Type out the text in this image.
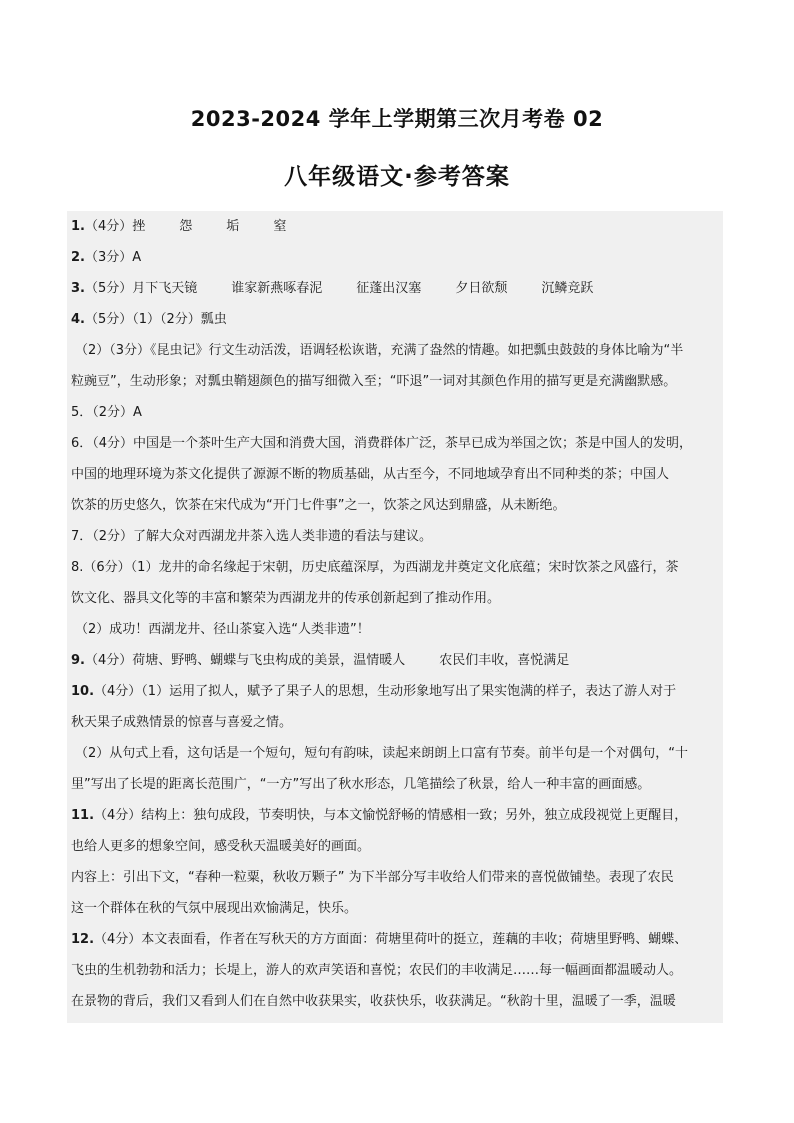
2023-2024 学年上学期第三次月考卷 02
八年级语文·参考答案
1.（4分）挫	怨	垢	窒
2.（3分）A
3.（5分）月下飞天镜	谁家新燕啄春泥	征蓬出汉塞	夕日欲颓	沉鳞竞跃
4.（5分）（1）（2分）瓢虫
（2）（3分）《昆虫记》行文生动活泼，语调轻松诙谐，充满了盎然的情趣。如把瓢虫鼓鼓的身体比喻为“半
粒豌豆”，生动形象；对瓢虫鞘翅颜色的描写细微入至；“吓退”一词对其颜色作用的描写更是充满幽默感。
5．（2分）A
6．（4分）中国是一个茶叶生产大国和消费大国，消费群体广泛，茶早已成为举国之饮；茶是中国人的发明，
中国的地理环境为茶文化提供了源源不断的物质基础，从古至今，不同地域孕育出不同种类的茶；中国人
饮茶的历史悠久，饮茶在宋代成为“开门七件事”之一，饮茶之风达到鼎盛，从未断绝。
7．（2分）了解大众对西湖龙井茶入选人类非遗的看法与建议。
8.（6分）（1）龙井的命名缘起于宋朝，历史底蕴深厚，为西湖龙井奠定文化底蕴；宋时饮茶之风盛行，茶
饮文化、器具文化等的丰富和繁荣为西湖龙井的传承创新起到了推动作用。
（2）成功！西湖龙井、径山茶宴入选“人类非遗”！
9.（4分）荷塘、野鸭、蝴蝶与飞虫构成的美景，温情暖人	农民们丰收，喜悦满足
10.（4分）（1）运用了拟人，赋予了果子人的思想，生动形象地写出了果实饱满的样子，表达了游人对于
秋天果子成熟情景的惊喜与喜爱之情。
（2）从句式上看，这句话是一个短句，短句有韵味，读起来朗朗上口富有节奏。前半句是一个对偶句，“十
里”写出了长堤的距离长范围广，“一方”写出了秋水形态，几笔描绘了秋景，给人一种丰富的画面感。
11.（4分）结构上：独句成段，节奏明快，与本文愉悦舒畅的情感相一致；另外，独立成段视觉上更醒目，
也给人更多的想象空间，感受秋天温暖美好的画面。
内容上：引出下文，“春种一粒粟，秋收万颗子” 为下半部分写丰收给人们带来的喜悦做铺垫。表现了农民
这一个群体在秋的气氛中展现出欢愉满足，快乐。
12.（4分）本文表面看，作者在写秋天的方方面面：荷塘里荷叶的挺立，莲藕的丰收；荷塘里野鸭、蝴蝶、
飞虫的生机勃勃和活力；长堤上，游人的欢声笑语和喜悦；农民们的丰收满足……每一幅画面都温暖动人。
在景物的背后，我们又看到人们在自然中收获果实，收获快乐，收获满足。“秋韵十里，温暖了一季，温暖
